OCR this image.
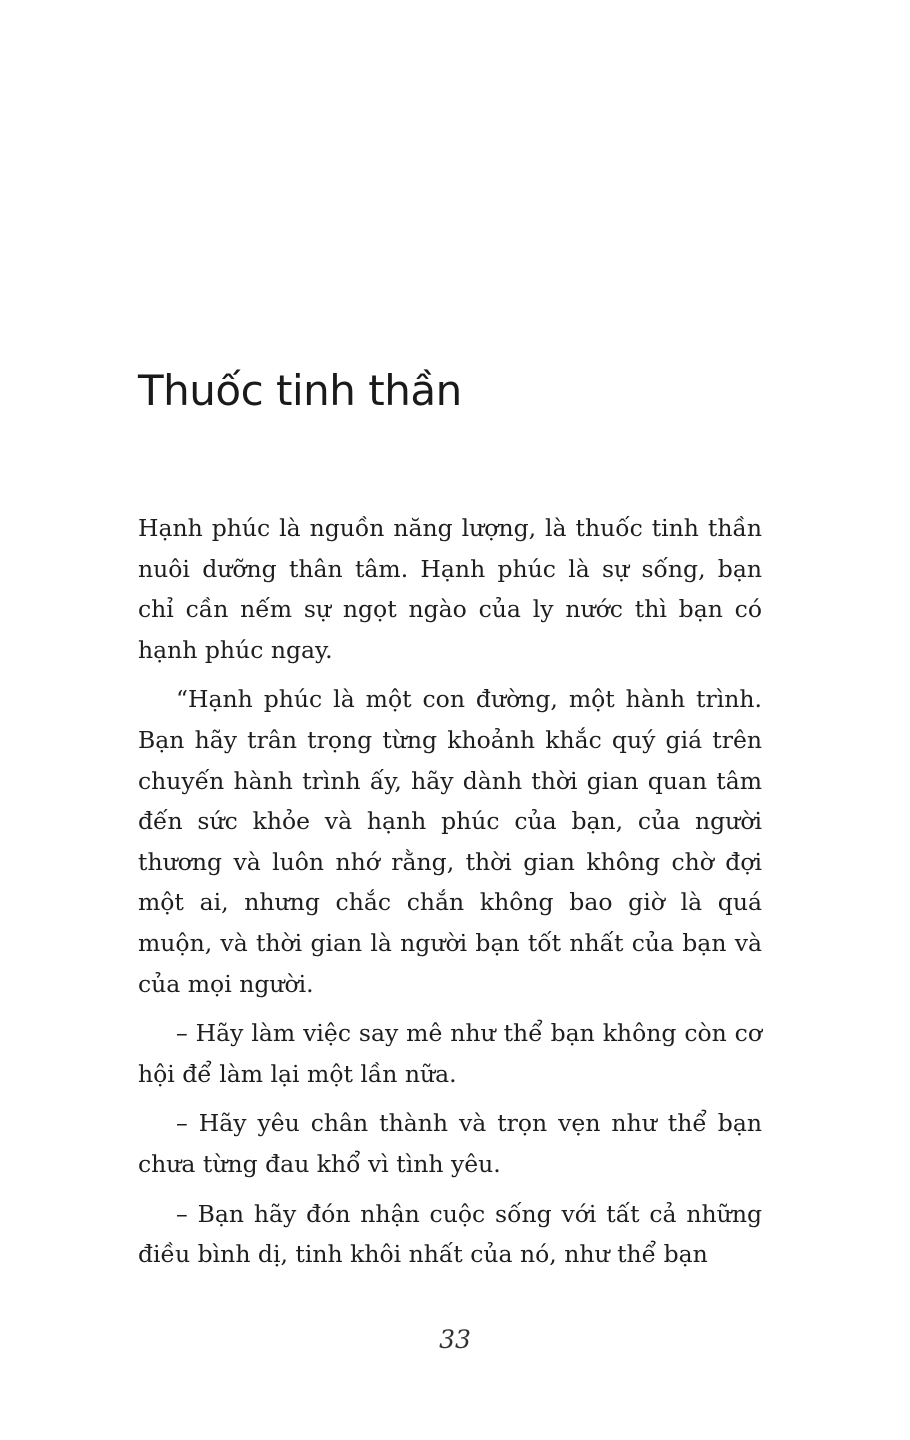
Thuốc tinh thần

Hạnh phúc là nguồn năng lượng, là thuốc tinh thần nuôi dưỡng thân tâm. Hạnh phúc là sự sống, bạn chỉ cần nếm sự ngọt ngào của ly nước thì bạn có hạnh phúc ngay.

“Hạnh phúc là một con đường, một hành trình. Bạn hãy trân trọng từng khoảnh khắc quý giá trên chuyến hành trình ấy, hãy dành thời gian quan tâm đến sức khỏe và hạnh phúc của bạn, của người thương và luôn nhớ rằng, thời gian không chờ đợi một ai, nhưng chắc chắn không bao giờ là quá muộn, và thời gian là người bạn tốt nhất của bạn và của mọi người.

– Hãy làm việc say mê như thể bạn không còn cơ hội để làm lại một lần nữa.

– Hãy yêu chân thành và trọn vẹn như thể bạn chưa từng đau khổ vì tình yêu.

– Bạn hãy đón nhận cuộc sống với tất cả những điều bình dị, tinh khôi nhất của nó, như thể bạn

33
